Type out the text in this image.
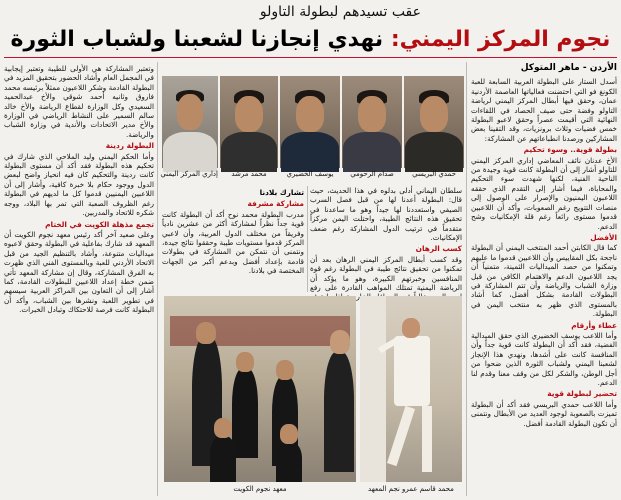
عقب تسيدهم لبطولة التاولو
نجوم المركز اليمني: نهدي إنجازنا لشعبنا ولشباب الثورة
الأردن - ماهر المتوكل

أسدل الستار على البطولة العربية السابعة للعبة الكونغ فو التي احتضنت فعالياتها العاصمة الأردنية عمان، وحقق فيها أبطال المركز اليمني لرياضة التاولو وفضة حتى صيف الحصاد في اللقاءات النهائية التي أقيمت عصراً وحقق لاعبو البطولة خمس فضيات وثلاث برونزيات، وقد التقينا بعض المشاركين ورصدنا انطباعاتهم عن المشاركة:

بطولة قوية.. وسوء تحكيم

الأخ عدنان نائف المعاضي إداري المركز اليمني للتاولو أشار إلى أن البطولة كانت قوية وجيدة من الناحية الفنية، لكنها شهدت سوء التحكيم والمحاباة، فيما أشار إلى التقدم الذي حققه اللاعبون اليمنيون والإصرار على الوصول إلى منصات التتويج رغم الصعوبات، وأكد أن اللاعبين قدموا مستوى رائعاً رغم قلة الإمكانيات وشح الدعم.

الأفضل

كما قال الكابتن أحمد المنتخب اليمني أن البطولة ناجحة بكل المقاييس وأن اللاعبين قدموا ما عليهم وتمكنوا من حصد الميداليات الثمينة، متمنياً أن يجد اللاعبون الدعم والاهتمام الكافي من قبل وزارة الشباب والرياضة وأن تتم المشاركة في البطولات القادمة بشكل أفضل، كما أشاد بالمستوى الذي ظهر به منتخب اليمن في البطولة.

عطاء وأرقام

وأما اللاعب يوسف الخضيري الذي حقق الميدالية الفضية، فقد أكد أن البطولة كانت قوية جداً وأن المنافسة كانت على أشدها، ونهدي هذا الإنجاز لشعبنا اليمني ولشباب الثورة الذين ضحوا من أجل الوطن، والشكر لكل من وقف معنا وقدم لنا الدعم.

تحضير لبطولة قوية

وأما اللاعب حمدي البريسي فقد أكد أن البطولة تميزت بالصعوبة لوجود العديد من الأبطال ونتمنى أن تكون البطولة القادمة أفضل.

حمدي البريسي
صدام الرحومي
يوسف الخضيري
محمد مرشد
إداري المركز اليمني

سلطان اليماني أدلى بدلوه في هذا الحديث، حيث قال: البطولة أعدنا لها من قبل فصل السرب الصيفي واستعددنا لها جيداً وهو ما ساعدنا في تحقيق هذه النتائج الطيبة، واحتلت اليمن مركزاً متقدماً في ترتيب الدول المشاركة رغم ضعف الإمكانيات.

كسب الرهان

وقد كسب أبطال المركز اليمني الرهان بعد أن تمكنوا من تحقيق نتائج طيبة في البطولة رغم قوة المنافسين وخبرتهم الكبيرة، وهو ما يؤكد أن الرياضة اليمنية تمتلك المواهب القادرة على رفع الخارجية

تشارك بلادنا
مشاركة مشرفة

مدرب البطولة محمد نوح أكد أن البطولة كانت قوية جداً نظراً لمشاركة أكثر من عشرين نادياً وفريقاً من مختلف الدول العربية، وأن لاعبي المركز قدموا مستويات طيبة وحققوا نتائج جيدة، ونتمنى أن نتمكن من المشاركة في بطولات قادمة بإعداد أفضل وبدعم أكبر من الجهات المختصة في بلادنا.

معهد نجوم الكويت	محمد قاسم عمرو نجم المعهد

وتعتبر المشاركة هي الأولى للطيبة وتعتبر إيجابية في المجمل العام وأشاد الحضور بتحقيق المزيد في البطولة القادمة وشكر اللاعبون ممثلاً برئيسه محمد فاروق وثانيه أحمد شوقي والأخ عبدالحميد السعيدي وكل الوزارة لقطاع الرياضة والأخ خالد سالم السمير على النشاط الرياضي في الوزارة والأخ مدير الاتحادات والأندية في وزارة الشباب والرياضة.

البطولة ردينة

وأما الحكم اليمني وليد الملاحي الذي شارك في تحكيم هذه البطولة فقد أكد أن مستوى البطولة كانت ردينة والتحكيم كان فيه انحياز واضح لبعض الدول ووجود حكام بلا خبرة كافية، وأشار إلى أن اللاعبين اليمنيين قدموا كل ما لديهم في البطولة رغم الظروف الصعبة التي تمر بها البلاد، ووجه شكره للاتحاد والمدربين.

تجمع مذهلة الكويت في الختام

وعلى صعيد آخر أكد رئيس معهد نجوم الكويت أن المعهد قد شارك بفاعلية في البطولة وحقق لاعبوه ميداليات متنوعة، وأشاد بالتنظيم الجيد من قبل الاتحاد الأردني للعبة وبالمستوى الفني الذي ظهرت به الفرق المشاركة، وقال إن مشاركة المعهد تأتي ضمن خطة إعداد اللاعبين للبطولات القادمة، كما أشار إلى أن التعاون بين المراكز العربية سيسهم في تطوير اللعبة ونشرها بين الشباب، وأكد أن البطولة كانت فرصة للاحتكاك وتبادل الخبرات.
